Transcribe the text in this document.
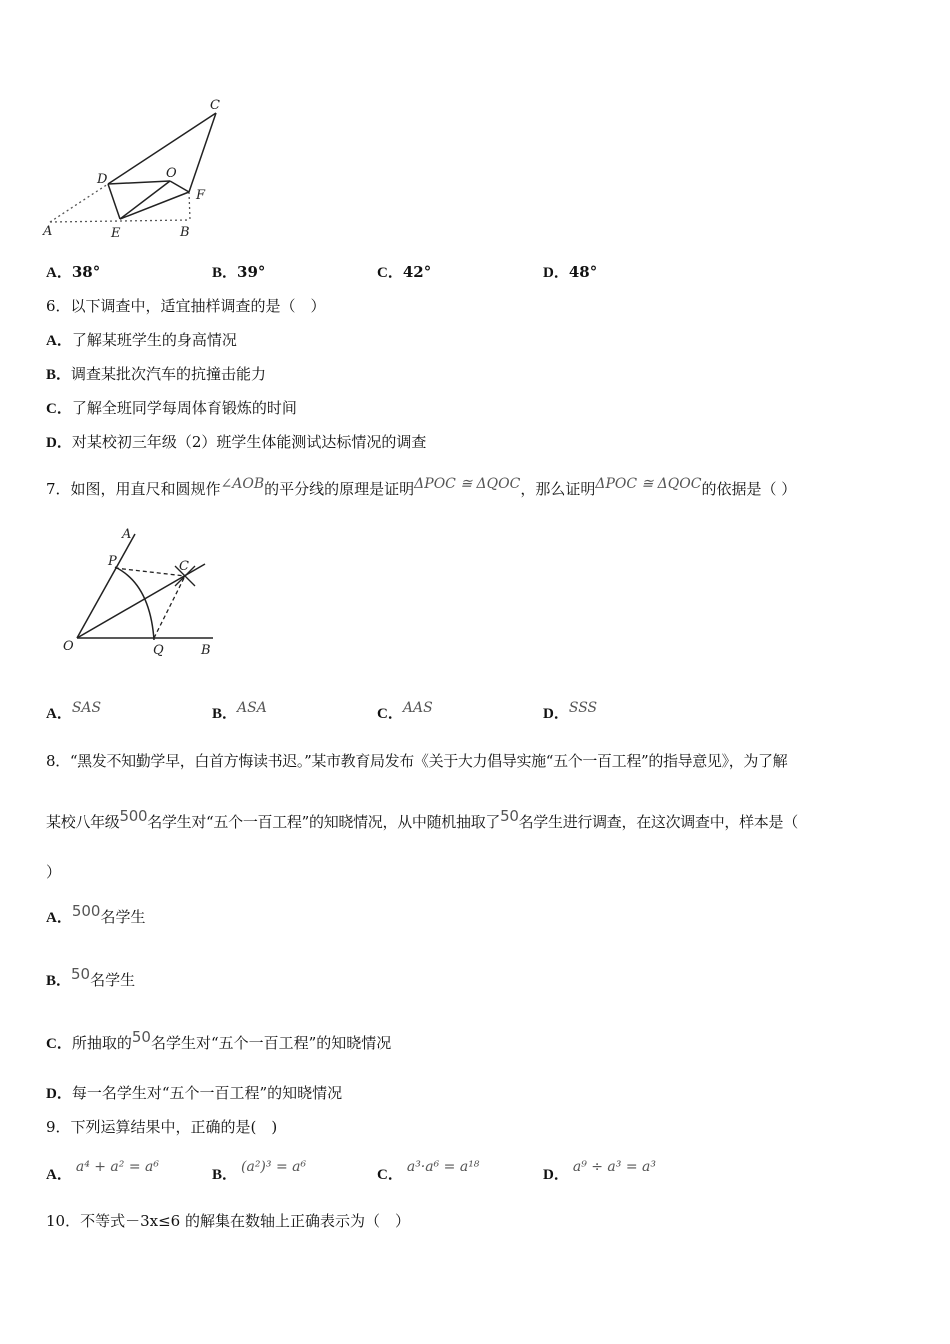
A	E	B
C
D	O
F
A．38°	B．39°	C．42°	D．48°
6．以下调查中，适宜抽样调查的是（　）
A．了解某班学生的身高情况
B．调查某批次汽车的抗撞击能力
C．了解全班同学每周体育锻炼的时间
D．对某校初三年级（2）班学生体能测试达标情况的调查
7．如图，用直尺和圆规作∠AOB的平分线的原理是证明ΔPOC ≅ ΔQOC，那么证明ΔPOC ≅ ΔQOC的依据是（ ）
A
P	C
O	Q	B
A．SAS	B．ASA	C．AAS	D．SSS
8．“黑发不知勤学早，白首方悔读书迟。”某市教育局发布《关于大力倡导实施“五个一百工程”的指导意见》，为了解
某校八年级500名学生对“五个一百工程”的知晓情况，从中随机抽取了50名学生进行调查，在这次调查中，样本是（
）
A．500名学生
B．50名学生
C．所抽取的50名学生对“五个一百工程”的知晓情况
D．每一名学生对“五个一百工程”的知晓情况
9．下列运算结果中，正确的是(　)
A． a⁴ + a² = a⁶	B． (a²)³ = a⁶	C． a³·a⁶ = a¹⁸	D． a⁹ ÷ a³ = a³
10．不等式－3x≤6 的解集在数轴上正确表示为（　）
